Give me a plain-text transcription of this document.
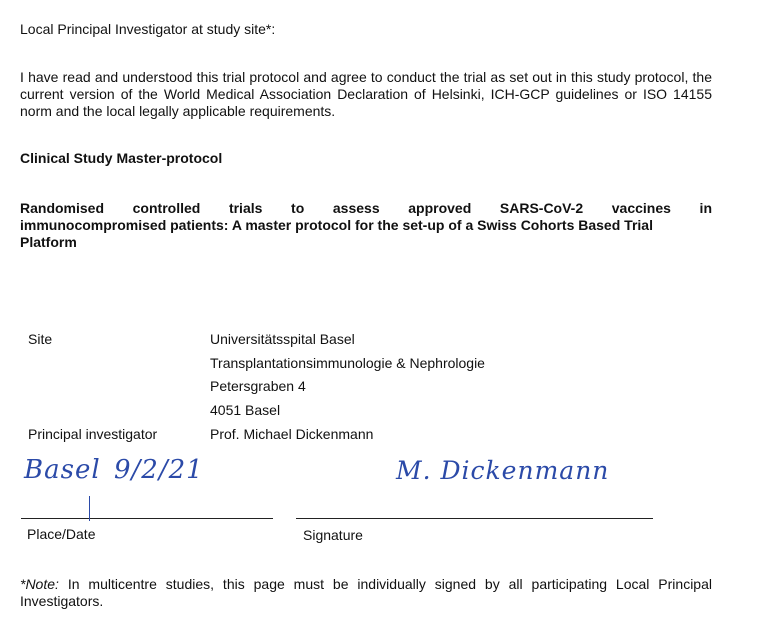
Local Principal Investigator at study site*:
I have read and understood this trial protocol and agree to conduct the trial as set out in this study protocol, the current version of the World Medical Association Declaration of Helsinki, ICH-GCP guidelines or ISO 14155 norm and the local legally applicable requirements.
Clinical Study Master-protocol
Randomised controlled trials to assess approved SARS-CoV-2 vaccines in
immunocompromised patients: A master protocol for the set-up of a Swiss Cohorts Based Trial Platform
Site	Universitätsspital Basel
Transplantationsimmunologie & Nephrologie
Petersgraben 4
4051 Basel
Principal investigator	Prof. Michael Dickenmann
Basel 9/2/21	M. Dickenmann
Place/Date	Signature
*Note: In multicentre studies, this page must be individually signed by all participating Local Principal Investigators.
